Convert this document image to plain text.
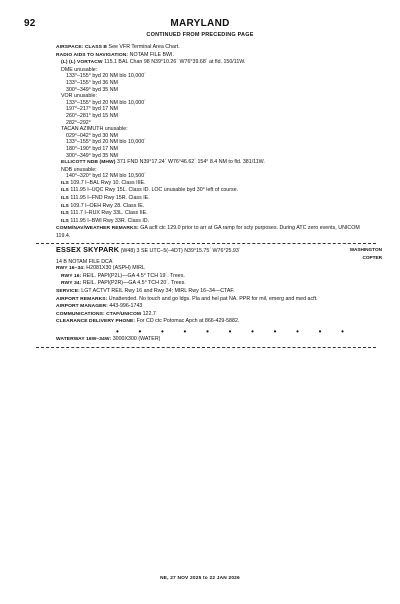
92	MARYLAND
CONTINUED FROM PRECEDING PAGE
AIRSPACE: CLASS B See VFR Terminal Area Chart.
RADIO AIDS TO NAVIGATION: NOTAM FILE BWI.
(L) (L) VORTACW 115.1 BAL Chan 98 N39°10.26´ W76°39.68´ at fld. 150/11W.
DME unusable:
133°–155° byd 20 NM blo 10,000´
133°–155° byd 36 NM
300°–349° byd 35 NM
VOR unusable:
133°–155° byd 20 NM blo 10,000´
197°–217° byd 17 NM
260°–281° byd 15 NM
282°–292°
TACAN AZIMUTH unusable:
029°–042° byd 30 NM
133°–155° byd 20 NM blo 10,000´
180°–190° byd 17 NM
300°–349° byd 35 NM
ELLICOTT NDB (MHW) 371 FND N39°17.24´ W76°46.62´ 154° 8.4 NM to fld. 381/11W.
NDB unusable:
140°–320° byd 12 NM blo 10,500´
ILS 109.7 I–BAL Rwy 10. Class IIIE.
ILS 111.95 I–UQC Rwy 15L. Class ID. LOC unusable byd 30° left of course.
ILS 111.95 I–FND Rwy 15R. Class IE.
ILS 109.7 I–OEH Rwy 28. Class IE.
ILS 111.7 I–RUX Rwy 33L. Class IIE.
ILS 111.95 I–BWI Rwy 33R. Class ID.
COMM/NAV/WEATHER REMARKS: GA acft ctc 129.0 prior to arr at GA ramp for scty purposes. During ATC zero events, UNICOM 119.4.
ESSEX SKYPARK (W48) 3 SE UTC–5(–4DT) N39°15.75´ W76°25.93´	WASHINGTON
COPTER
14 B NOTAM FILE DCA
RWY 16–34: H2081X30 (ASPH) MIRL
RWY 16: REIL. PAPI(P2L)—GA 4.5° TCH 19´. Trees.
RWY 34: REIL. PAPI(P2R)—GA 4.5° TCH 20´. Trees.
SERVICE: LGT ACTVT REIL Rwy 16 and Rwy 34; MIRL Rwy 16–34—CTAF.
AIRPORT REMARKS: Unattended. No touch and go ldgs. Pla and hel pat NA. PPR for mil, emerg and med acft.
AIRPORT MANAGER: 443-996-1743
COMMUNICATIONS: CTAF/UNICOM 122.7
CLEARANCE DELIVERY PHONE: For CD ctc Potomac Apch at 866-429-5882.
• • • • • • • • • • •
WATERWAY 16W–34W: 3000X300 (WATER)
NE, 27 NOV 2025 to 22 JAN 2026
